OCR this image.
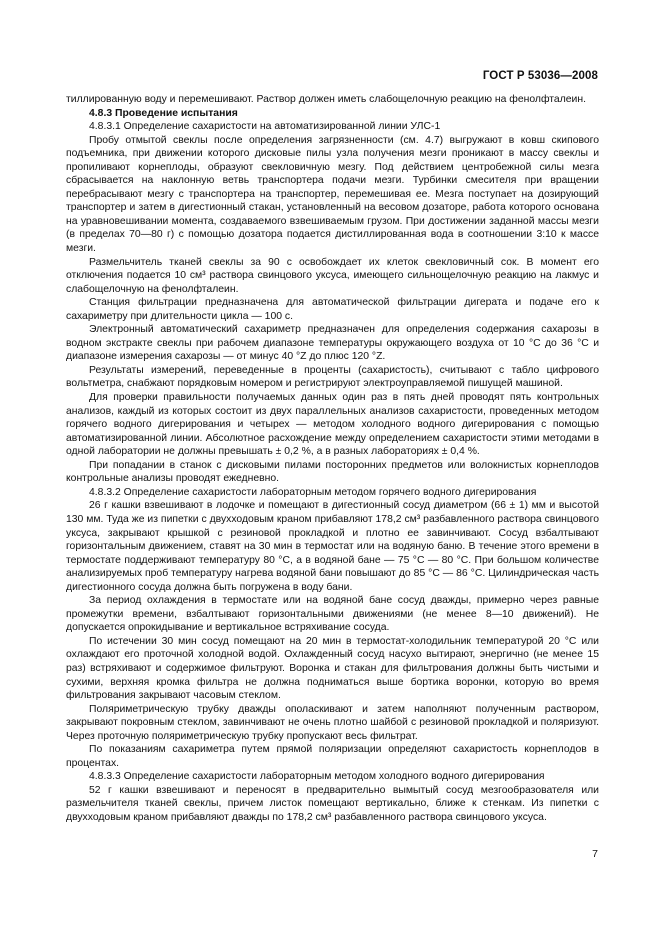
ГОСТ Р 53036—2008

тиллированную воду и перемешивают. Раствор должен иметь слабощелочную реакцию на фенолфталеин.

4.8.3 Проведение испытания

4.8.3.1 Определение сахаристости на автоматизированной линии УЛС-1

Пробу отмытой свеклы после определения загрязненности (см. 4.7) выгружают в ковш скипового подъемника, при движении которого дисковые пилы узла получения мезги проникают в массу свеклы и пропиливают корнеплоды, образуют свекловичную мезгу. Под действием центробежной силы мезга сбрасывается на наклонную ветвь транспортера подачи мезги. Турбинки смесителя при вращении перебрасывают мезгу с транспортера на транспортер, перемешивая ее. Мезга поступает на дозирующий транспортер и затем в дигестионный стакан, установленный на весовом дозаторе, работа которого основана на уравновешивании момента, создаваемого взвешиваемым грузом. При достижении заданной массы мезги (в пределах 70—80 г) с помощью дозатора подается дистиллированная вода в соотношении 3:10 к массе мезги.

Размельчитель тканей свеклы за 90 с освобождает их клеток свекловичный сок. В момент его отключения подается 10 см³ раствора свинцового уксуса, имеющего сильнощелочную реакцию на лакмус и слабощелочную на фенолфталеин.

Станция фильтрации предназначена для автоматической фильтрации дигерата и подаче его к сахариметру при длительности цикла — 100 с.

Электронный автоматический сахариметр предназначен для определения содержания сахарозы в водном экстракте свеклы при рабочем диапазоне температуры окружающего воздуха от 10 °С до 36 °С и диапазоне измерения сахарозы — от минус 40 °Z до плюс 120 °Z.

Результаты измерений, переведенные в проценты (сахаристость), считывают с табло цифрового вольтметра, снабжают порядковым номером и регистрируют электроуправляемой пишущей машиной.

Для проверки правильности получаемых данных один раз в пять дней проводят пять контрольных анализов, каждый из которых состоит из двух параллельных анализов сахаристости, проведенных методом горячего водного дигерирования и четырех — методом холодного водного дигерирования с помощью автоматизированной линии. Абсолютное расхождение между определением сахаристости этими методами в одной лаборатории не должны превышать ± 0,2 %, а в разных лабораториях ± 0,4 %.

При попадании в станок с дисковыми пилами посторонних предметов или волокнистых корнеплодов контрольные анализы проводят ежедневно.

4.8.3.2 Определение сахаристости лабораторным методом горячего водного дигерирования

26 г кашки взвешивают в лодочке и помещают в дигестионный сосуд диаметром (66 ± 1) мм и высотой 130 мм. Туда же из пипетки с двухходовым краном прибавляют 178,2 см³ разбавленного раствора свинцового уксуса, закрывают крышкой с резиновой прокладкой и плотно ее завинчивают. Сосуд взбалтывают горизонтальным движением, ставят на 30 мин в термостат или на водяную баню. В течение этого времени в термостате поддерживают температуру 80 °С, а в водяной бане — 75 °С — 80 °С. При большом количестве анализируемых проб температуру нагрева водяной бани повышают до 85 °С — 86 °С. Цилиндрическая часть дигестионного сосуда должна быть погружена в воду бани.

За период охлаждения в термостате или на водяной бане сосуд дважды, примерно через равные промежутки времени, взбалтывают горизонтальными движениями (не менее 8—10 движений). Не допускается опрокидывание и вертикальное встряхивание сосуда.

По истечении 30 мин сосуд помещают на 20 мин в термостат-холодильник температурой 20 °С или охлаждают его проточной холодной водой. Охлажденный сосуд насухо вытирают, энергично (не менее 15 раз) встряхивают и содержимое фильтруют. Воронка и стакан для фильтрования должны быть чистыми и сухими, верхняя кромка фильтра не должна подниматься выше бортика воронки, которую во время фильтрования закрывают часовым стеклом.

Поляриметрическую трубку дважды ополаскивают и затем наполняют полученным раствором, закрывают покровным стеклом, завинчивают не очень плотно шайбой с резиновой прокладкой и поляризуют. Через проточную поляриметрическую трубку пропускают весь фильтрат.

По показаниям сахариметра путем прямой поляризации определяют сахаристость корнеплодов в процентах.

4.8.3.3 Определение сахаристости лабораторным методом холодного водного дигерирования

52 г кашки взвешивают и переносят в предварительно вымытый сосуд мезгообразователя или размельчителя тканей свеклы, причем листок помещают вертикально, ближе к стенкам. Из пипетки с двухходовым краном прибавляют дважды по 178,2 см³ разбавленного раствора свинцового уксуса.

7
